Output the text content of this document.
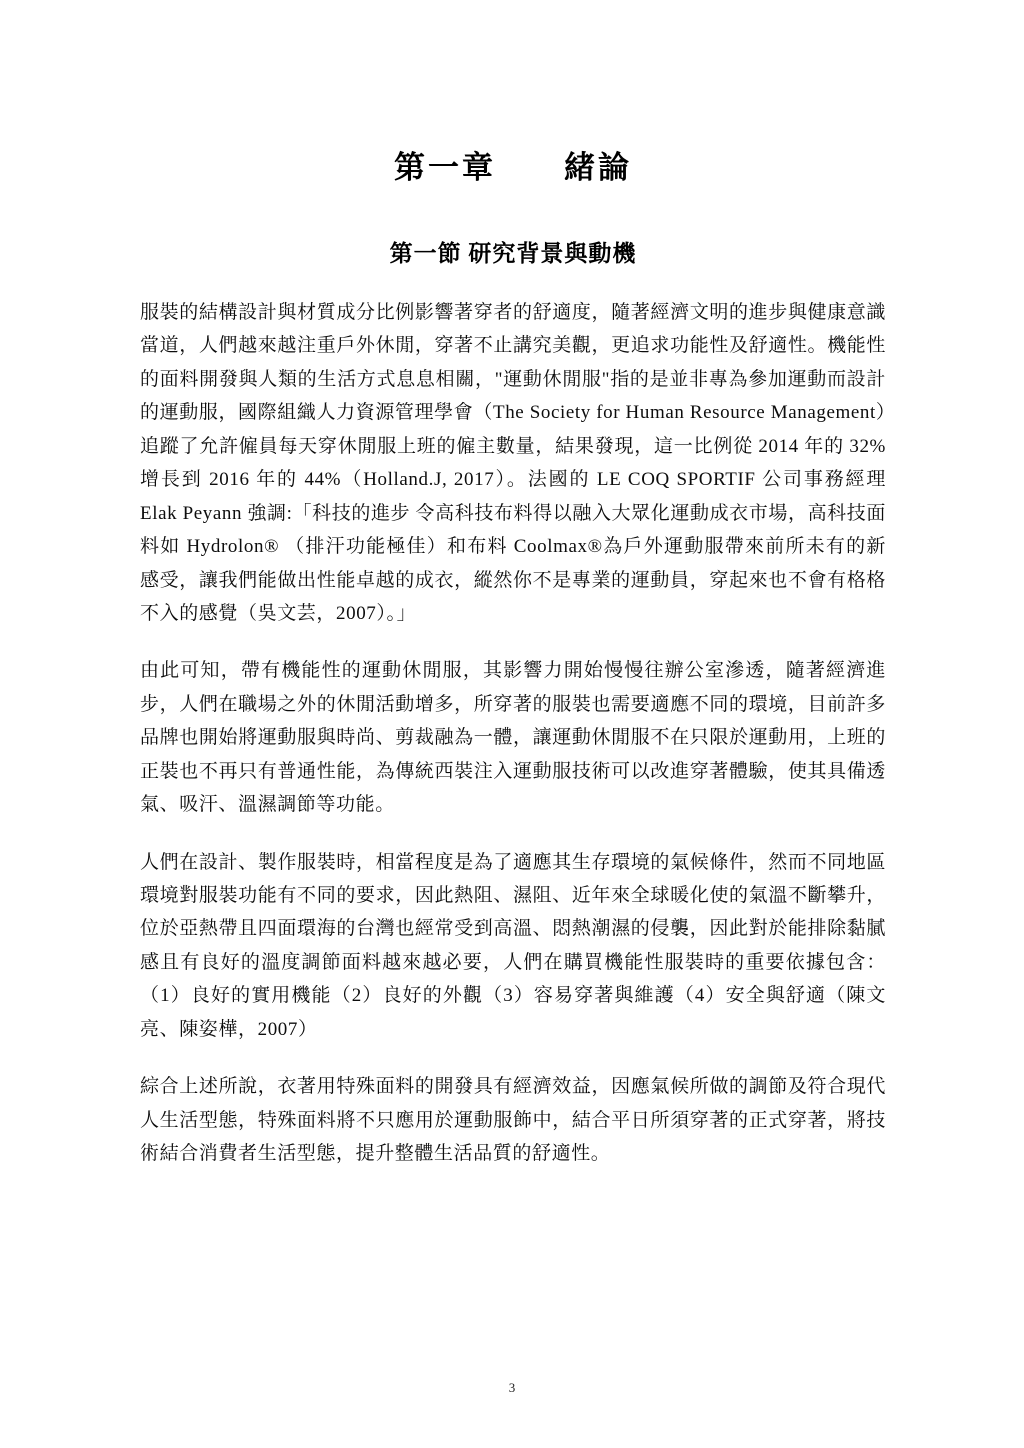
第一章　　緒論
第一節 研究背景與動機

服裝的結構設計與材質成分比例影響著穿者的舒適度，隨著經濟文明的進步與健康意識當道，人們越來越注重戶外休閒，穿著不止講究美觀，更追求功能性及舒適性。機能性的面料開發與人類的生活方式息息相關，"運動休閒服"指的是並非專為參加運動而設計的運動服，國際組織人力資源管理學會（The Society for Human Resource Management）追蹤了允許僱員每天穿休閒服上班的僱主數量，結果發現，這一比例從 2014 年的 32%增長到 2016 年的 44%（Holland.J, 2017）。法國的 LE COQ SPORTIF 公司事務經理 Elak Peyann 強調:「科技的進步 令高科技布料得以融入大眾化運動成衣市場，高科技面料如 Hydrolon® （排汗功能極佳）和布料 Coolmax®為戶外運動服帶來前所未有的新感受，讓我們能做出性能卓越的成衣，縱然你不是專業的運動員，穿起來也不會有格格不入的感覺（吳文芸，2007）。」

由此可知，帶有機能性的運動休閒服，其影響力開始慢慢往辦公室滲透，隨著經濟進步，人們在職場之外的休閒活動增多，所穿著的服裝也需要適應不同的環境，目前許多品牌也開始將運動服與時尚、剪裁融為一體，讓運動休閒服不在只限於運動用，上班的正裝也不再只有普通性能，為傳統西裝注入運動服技術可以改進穿著體驗，使其具備透氣、吸汗、溫濕調節等功能。

人們在設計、製作服裝時，相當程度是為了適應其生存環境的氣候條件，然而不同地區環境對服裝功能有不同的要求，因此熱阻、濕阻、近年來全球暖化使的氣溫不斷攀升，位於亞熱帶且四面環海的台灣也經常受到高溫、悶熱潮濕的侵襲，因此對於能排除黏膩感且有良好的溫度調節面料越來越必要，人們在購買機能性服裝時的重要依據包含：（1）良好的實用機能（2）良好的外觀（3）容易穿著與維護（4）安全與舒適（陳文亮、陳姿樺，2007）

綜合上述所說，衣著用特殊面料的開發具有經濟效益，因應氣候所做的調節及符合現代人生活型態，特殊面料將不只應用於運動服飾中，結合平日所須穿著的正式穿著，將技術結合消費者生活型態，提升整體生活品質的舒適性。

3
